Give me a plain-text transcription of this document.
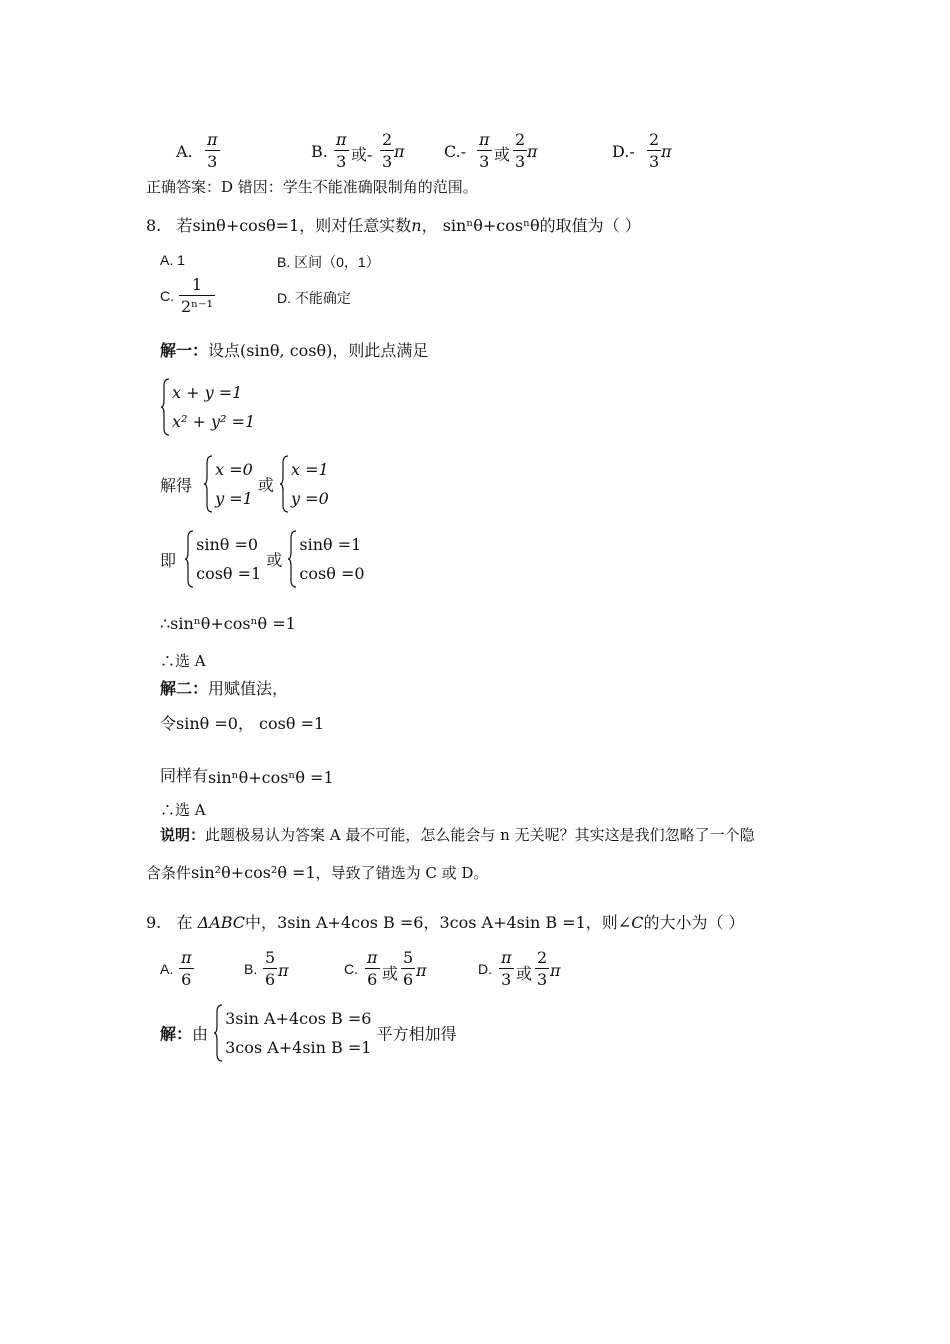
A. $\frac{\pi}{3}$	B. $\frac{\pi}{3}$ 或- $\frac{2}{3}$ π $C.- \frac{\pi}{3}$ 或 $\frac{2}{3}$ π	$D.- \frac{2}{3}$ π
正确答案：D 错因：学生不能准确限制角的范围。
8. 若sinθ+cosθ=1，则对任意实数n， sinⁿθ+cosⁿθ的取值为（ ）
A. 1	B. 区间（0，1）
C. $\frac{1}{\text{2ⁿ⁻¹}}$	D. 不能确定
解一：设点(sinθ, cosθ)，则此点满足
x + y =1
x² + y² =1
解得
x =0
y =1
或
x =1
y =0
即
sinθ =0
cosθ =1
或
sinθ =1
cosθ =0
∴sinⁿθ+cosⁿθ =1
∴选 A
解二：用赋值法，
令sinθ =0， cosθ =1
同样有sinⁿθ+cosⁿθ =1
∴选 A
说明：此题极易认为答案 A 最不可能，怎么能会与 n 无关呢？其实这是我们忽略了一个隐
含条件sin²θ+cos²θ =1，导致了错选为 C 或 D。
9. 在 ΔABC中，3sin A+4cos B =6，3cos A+4sin B =1，则∠C的大小为（ ）
A. $\frac{\pi}{6}$	B. $\frac{5}{6}$ π	C. $\frac{\pi}{6}$ 或 $\frac{5}{6}$ π	D. $\frac{\pi}{3}$ 或 $\frac{2}{3}$ π
解：由
3sin A+4cos B =6
3cos A+4sin B =1
平方相加得
